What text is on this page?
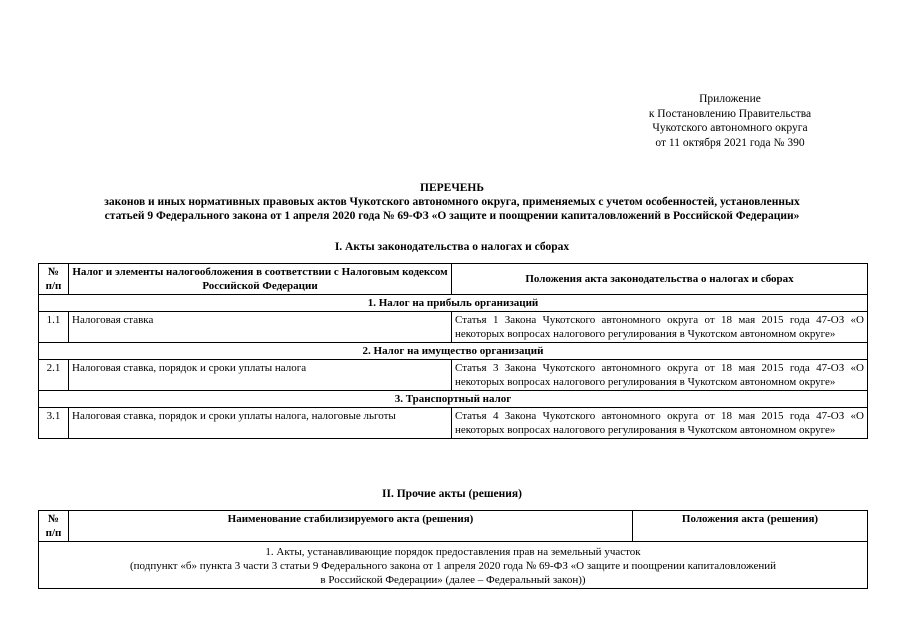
Приложение
к Постановлению Правительства
Чукотского автономного округа
от 11 октября 2021 года № 390
ПЕРЕЧЕНЬ
законов и иных нормативных правовых актов Чукотского автономного округа, применяемых с учетом особенностей, установленных
статьей 9 Федерального закона от 1 апреля 2020 года № 69-ФЗ «О защите и поощрении капиталовложений в Российской Федерации»
I. Акты законодательства о налогах и сборах
№ п/п	Налог и элементы налогообложения в соответствии с Налоговым кодексом Российской Федерации	Положения акта законодательства о налогах и сборах
1. Налог на прибыль организаций		
1.1	Налоговая ставка	Статья 1 Закона Чукотского автономного округа от 18 мая 2015 года 47-ОЗ «О некоторых вопросах налогового регулирования в Чукотском автономном округе»
2. Налог на имущество организаций		
2.1	Налоговая ставка, порядок и сроки уплаты налога	Статья 3 Закона Чукотского автономного округа от 18 мая 2015 года 47-ОЗ «О некоторых вопросах налогового регулирования в Чукотском автономном округе»
3. Транспортный налог		
3.1	Налоговая ставка, порядок и сроки уплаты налога, налоговые льготы	Статья 4 Закона Чукотского автономного округа от 18 мая 2015 года 47-ОЗ «О некоторых вопросах налогового регулирования в Чукотском автономном округе»
II. Прочие акты (решения)
№ п/п	Наименование стабилизируемого акта (решения)	Положения акта (решения)

1. Акты, устанавливающие порядок предоставления прав на земельный участок
(подпункт «б» пункта 3 части 3 статьи 9 Федерального закона от 1 апреля 2020 года № 69-ФЗ «О защите и поощрении капиталовложений
в Российской Федерации» (далее – Федеральный закон))
